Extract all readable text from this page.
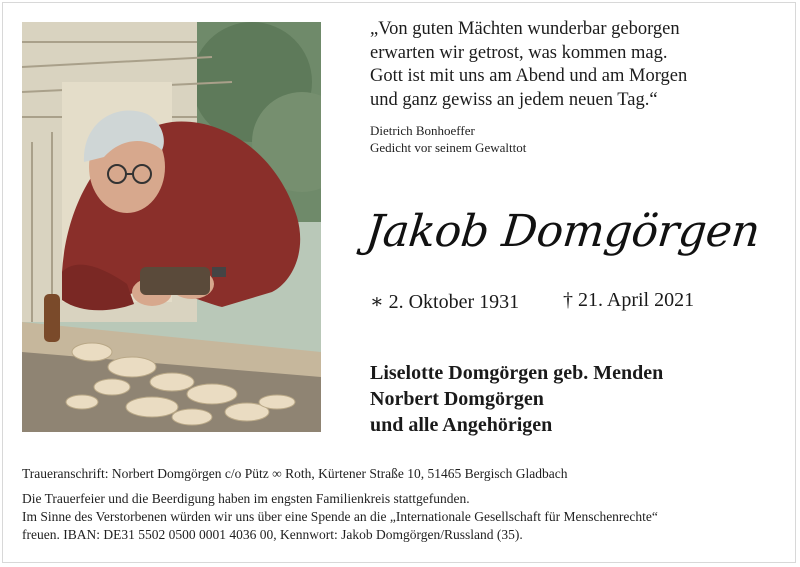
„Von guten Mächten wunderbar geborgen
erwarten wir getrost, was kommen mag.
Gott ist mit uns am Abend und am Morgen
und ganz gewiss an jedem neuen Tag.“
Dietrich Bonhoeffer
Gedicht vor seinem Gewalttot
Jakob Domgörgen
∗ 2. Oktober 1931 † 21. April 2021
Liselotte Domgörgen geb. Menden
Norbert Domgörgen
und alle Angehörigen
Traueranschrift: Norbert Domgörgen c/o Pütz ∞ Roth, Kürtener Straße 10, 51465 Bergisch Gladbach
Die Trauerfeier und die Beerdigung haben im engsten Familienkreis stattgefunden.
Im Sinne des Verstorbenen würden wir uns über eine Spende an die „Internationale Gesellschaft für Menschenrechte“
freuen. IBAN: DE31 5502 0500 0001 4036 00, Kennwort: Jakob Domgörgen/Russland (35).
